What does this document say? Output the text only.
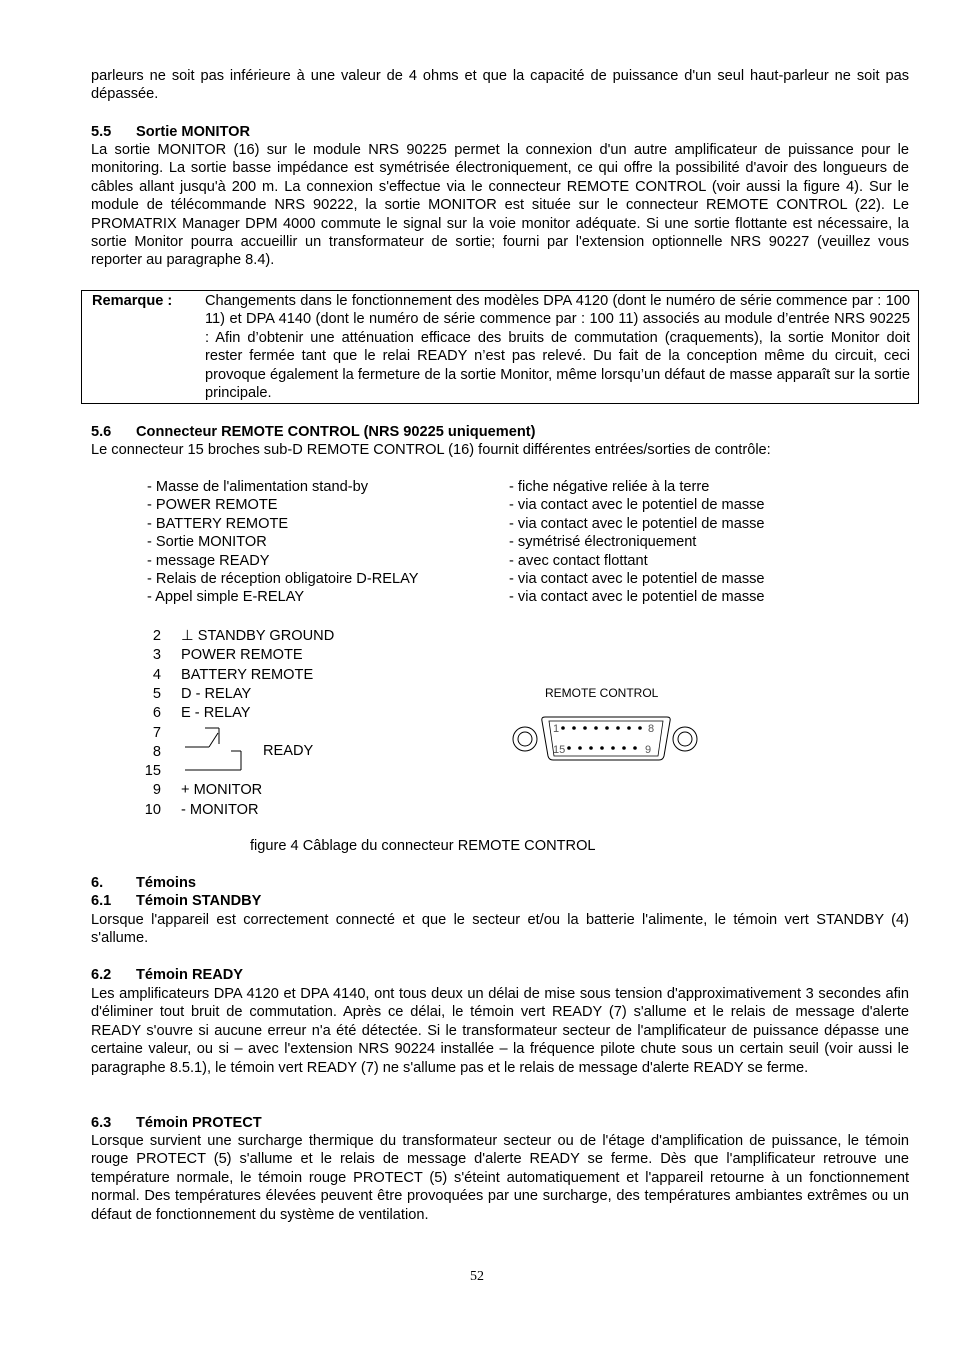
parleurs ne soit pas inférieure à une valeur de 4 ohms et que la capacité de puissance d'un seul haut-parleur ne soit pas dépassée.

5.5 Sortie MONITOR

La sortie MONITOR (16) sur le module NRS 90225 permet la connexion d'un autre amplificateur de puissance pour le monitoring. La sortie basse impédance est symétrisée électroniquement, ce qui offre la possibilité d'avoir des longueurs de câbles allant jusqu'à 200 m. La connexion s'effectue via le connecteur REMOTE CONTROL (voir aussi la figure 4). Sur le module de télécommande NRS 90222, la sortie MONITOR est située sur le connecteur REMOTE CONTROL (22). Le PROMATRIX Manager DPM 4000 commute le signal sur la voie monitor adéquate. Si une sortie flottante est nécessaire, la sortie Monitor pourra accueillir un transformateur de sortie; fourni par l'extension optionnelle NRS 90227 (veuillez vous reporter au paragraphe 8.4).

Remarque : Changements dans le fonctionnement des modèles DPA 4120 (dont le numéro de série commence par : 100 11) et DPA 4140 (dont le numéro de série commence par : 100 11) associés au module d’entrée NRS 90225 : Afin d’obtenir une atténuation efficace des bruits de commutation (craquements), la sortie Monitor doit rester fermée tant que le relai READY n’est pas relevé. Du fait de la conception même du circuit, ceci provoque également la fermeture de la sortie Monitor, même lorsqu’un défaut de masse apparaît sur la sortie principale.
5.6 Connecteur REMOTE CONTROL (NRS 90225 uniquement)

Le connecteur 15 broches sub-D REMOTE CONTROL (16) fournit différentes entrées/sorties de contrôle:

- Masse de l'alimentation stand-by
- POWER REMOTE
- BATTERY REMOTE
- Sortie MONITOR
- message READY
- Relais de réception obligatoire D-RELAY
- Appel simple E-RELAY
- fiche négative reliée à la terre
- via contact avec le potentiel de masse
- via contact avec le potentiel de masse
- symétrisé électroniquement
- avec contact flottant
- via contact avec le potentiel de masse
- via contact avec le potentiel de masse
2 ⊥ STANDBY GROUND
3 POWER REMOTE
4 BATTERY REMOTE
5 D - RELAY
6 E - RELAY
7
8
15
9 + MONITOR
10 - MONITOR
READY
REMOTE CONTROL
1	8
15	9
figure 4 Câblage du connecteur REMOTE CONTROL
6. Témoins
6.1 Témoin STANDBY

Lorsque l'appareil est correctement connecté et que le secteur et/ou la batterie l'alimente, le témoin vert STANDBY (4) s'allume.

6.2 Témoin READY

Les amplificateurs DPA 4120 et DPA 4140, ont tous deux un délai de mise sous tension d'approximativement 3 secondes afin d'éliminer tout bruit de commutation. Après ce délai, le témoin vert READY (7) s'allume et le relais de message d'alerte READY s'ouvre si aucune erreur n'a été détectée. Si le transformateur secteur de l'amplificateur de puissance dépasse une certaine valeur, ou si – avec l'extension NRS 90224 installée – la fréquence pilote chute sous un certain seuil (voir aussi le paragraphe 8.5.1), le témoin vert READY (7) ne s'allume pas et le relais de message d'alerte READY se ferme.

6.3 Témoin PROTECT

Lorsque survient une surcharge thermique du transformateur secteur ou de l'étage d'amplification de puissance, le témoin rouge PROTECT (5) s'allume et le relais de message d'alerte READY se ferme. Dès que l'amplificateur retrouve une température normale, le témoin rouge PROTECT (5) s'éteint automatiquement et l'appareil retourne à un fonctionnement normal. Des températures élevées peuvent être provoquées par une surcharge, des températures ambiantes extrêmes ou un défaut de fonctionnement du système de ventilation.

52
